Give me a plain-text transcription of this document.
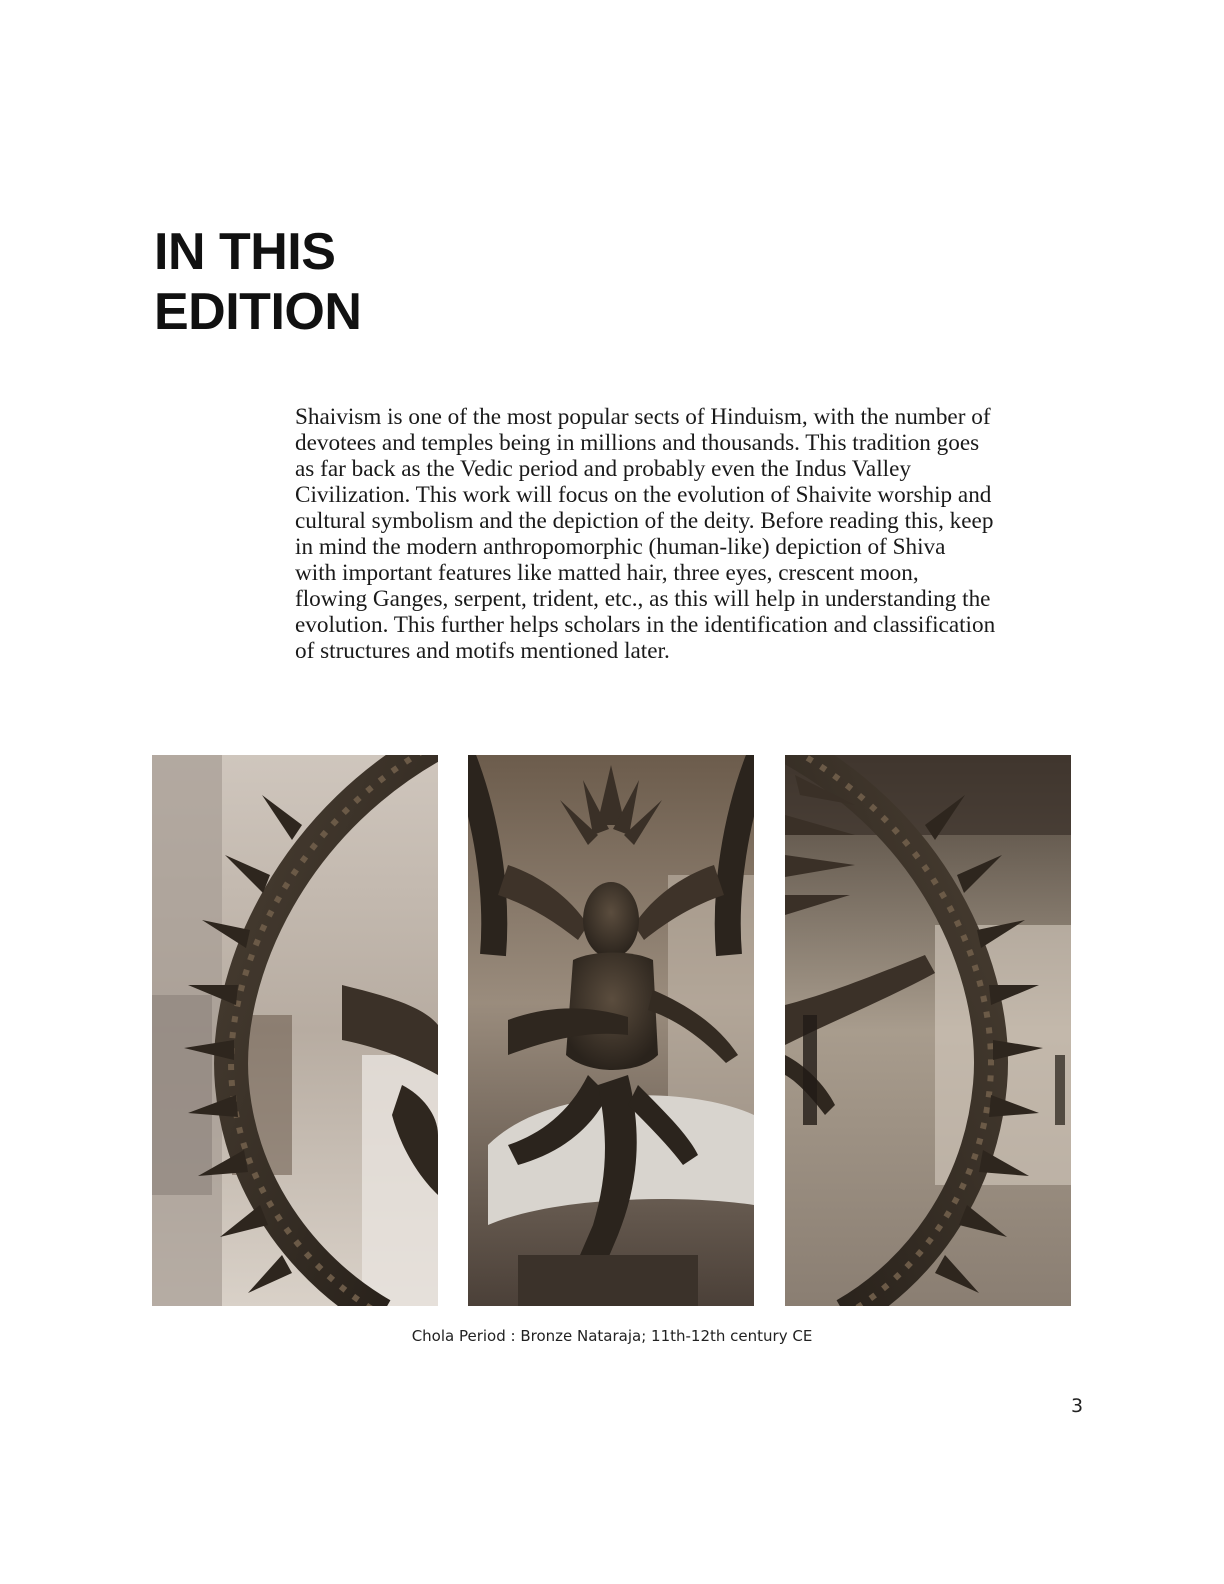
IN THIS
EDITION

Shaivism is one of the most popular sects of Hinduism, with the number of
devotees and temples being in millions and thousands. This tradition goes
as far back as the Vedic period and probably even the Indus Valley
Civilization. This work will focus on the evolution of Shaivite worship and
cultural symbolism and the depiction of the deity. Before reading this, keep
in mind the modern anthropomorphic (human-like) depiction of Shiva
with important features like matted hair, three eyes, crescent moon,
flowing Ganges, serpent, trident, etc., as this will help in understanding the
evolution. This further helps scholars in the identification and classification
of structures and motifs mentioned later.

Chola Period : Bronze Nataraja; 11th-12th century CE
3
